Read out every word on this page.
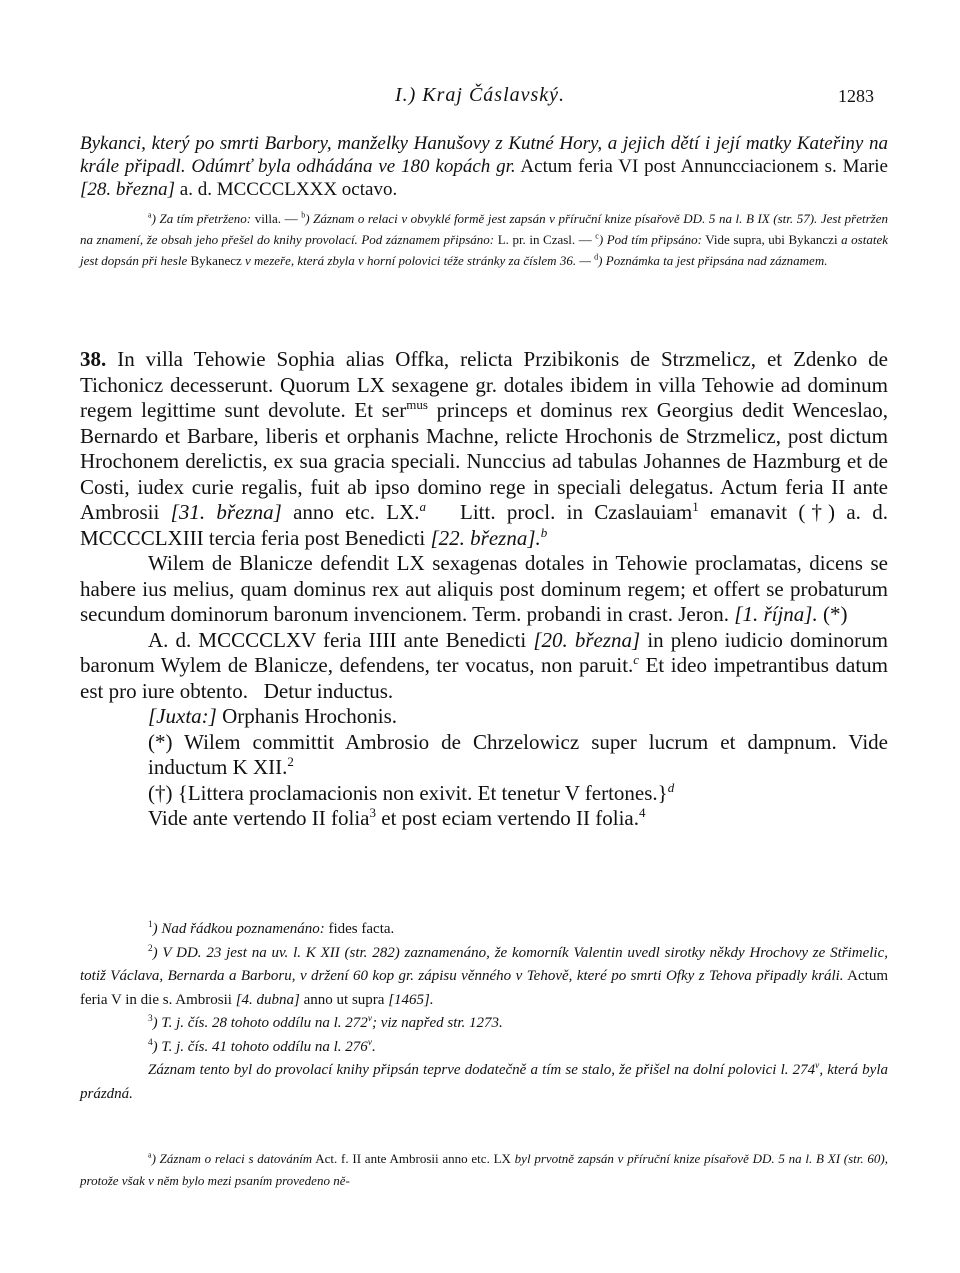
I.) Kraj Čáslavský.	1283

Bykanci, který po smrti Barbory, manželky Hanušovy z Kutné Hory, a jejich dětí i její matky Kateřiny na krále připadl. Odúmrť byla odhádána ve 180 kopách gr. Actum feria VI post Annuncciacionem s. Marie [28. března] a. d. MCCCCLXXX octavo.

$^a$) Za tím přetrženo: villa. — $^b$) Záznam o relaci v obvyklé formě jest zapsán v příruční knize písařově DD. 5 na l. B IX (str. 57). Jest přetržen na znamení, že obsah jeho přešel do knihy provolací. Pod záznamem připsáno: L. pr. in Czasl. — $^c$) Pod tím připsáno: Vide supra, ubi Bykanczi a ostatek jest dopsán při hesle Bykanecz v mezeře, která zbyla v horní polovici téže stránky za číslem 36. — $^d$) Poznámka ta jest připsána nad záznamem.

38. In villa Tehowie Sophia alias Offka, relicta Przibikonis de Strzmelicz, et Zdenko de Tichonicz decesserunt. Quorum LX sexagene gr. dotales ibidem in villa Tehowie ad dominum regem legittime sunt devolute. Et ser$^{mus}$ princeps et dominus rex Georgius dedit Wenceslao, Bernardo et Barbare, liberis et orphanis Machne, relicte Hrochonis de Strzmelicz, post dictum Hrochonem derelictis, ex sua gracia speciali. Nunccius ad tabulas Johannes de Hazmburg et de Costi, iudex curie regalis, fuit ab ipso domino rege in speciali delegatus. Actum feria II ante Ambrosii [31. března] anno etc. LX.$^a$   Litt. procl. in Czaslauiam$^1$ emanavit (†) a. d. MCCCCLXIII tercia feria post Benedicti [22. března].$^b$

Wilem de Blanicze defendit LX sexagenas dotales in Tehowie proclamatas, dicens se habere ius melius, quam dominus rex aut aliquis post dominum regem; et offert se probaturum secundum dominorum baronum invencionem. Term. probandi in crast. Jeron. [1. října]. (*)

A. d. MCCCCLXV feria IIII ante Benedicti [20. března] in pleno iudicio dominorum baronum Wylem de Blanicze, defendens, ter vocatus, non paruit.$^c$ Et ideo impetrantibus datum est pro iure obtento.   Detur inductus.

[Juxta:] Orphanis Hrochonis.

(*) Wilem committit Ambrosio de Chrzelowicz super lucrum et dampnum. Vide inductum K XII.$^2$

(†) {Littera proclamacionis non exivit. Et tenetur V fertones.}$^d$

Vide ante vertendo II folia$^3$ et post eciam vertendo II folia.$^4$

$^1$) Nad řádkou poznamenáno: fides facta.

$^2$) V DD. 23 jest na uv. l. K XII (str. 282) zaznamenáno, že komorník Valentin uvedl sirotky někdy Hrochovy ze Střimelic, totiž Václava, Bernarda a Barboru, v držení 60 kop gr. zápisu věnného v Tehově, které po smrti Ofky z Tehova připadly králi. Actum feria V in die s. Ambrosii [4. dubna] anno ut supra [1465].

$^3$) T. j. čís. 28 tohoto oddílu na l. 272$^v$; viz napřed str. 1273.

$^4$) T. j. čís. 41 tohoto oddílu na l. 276$^v$.

Záznam tento byl do provolací knihy připsán teprve dodatečně a tím se stalo, že přišel na dolní polovici l. 274$^v$, která byla prázdná.

$^a$) Záznam o relaci s datováním Act. f. II ante Ambrosii anno etc. LX byl prvotně zapsán v příruční knize písařově DD. 5 na l. B XI (str. 60), protože však v něm bylo mezi psaním provedeno ně-
